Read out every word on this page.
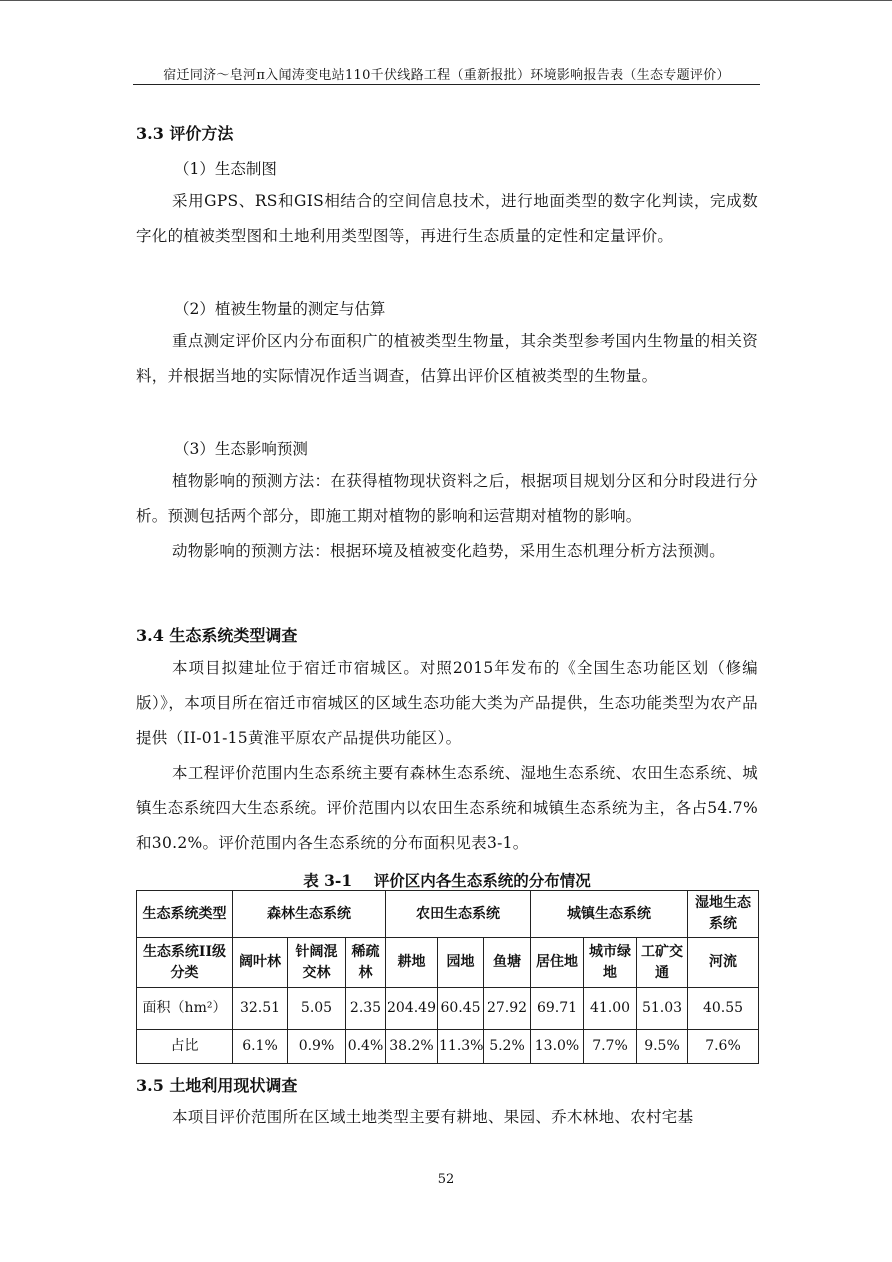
宿迁同济～皂河π入闻涛变电站110千伏线路工程（重新报批）环境影响报告表（生态专题评价）
3.3 评价方法
（1）生态制图
采用GPS、RS和GIS相结合的空间信息技术，进行地面类型的数字化判读，完成数字化的植被类型图和土地利用类型图等，再进行生态质量的定性和定量评价。
（2）植被生物量的测定与估算
重点测定评价区内分布面积广的植被类型生物量，其余类型参考国内生物量的相关资料，并根据当地的实际情况作适当调查，估算出评价区植被类型的生物量。
（3）生态影响预测
植物影响的预测方法：在获得植物现状资料之后，根据项目规划分区和分时段进行分析。预测包括两个部分，即施工期对植物的影响和运营期对植物的影响。
动物影响的预测方法：根据环境及植被变化趋势，采用生态机理分析方法预测。
3.4 生态系统类型调查
本项目拟建址位于宿迁市宿城区。对照2015年发布的《全国生态功能区划（修编版）》，本项目所在宿迁市宿城区的区域生态功能大类为产品提供，生态功能类型为农产品提供（II-01-15黄淮平原农产品提供功能区）。
本工程评价范围内生态系统主要有森林生态系统、湿地生态系统、农田生态系统、城镇生态系统四大生态系统。评价范围内以农田生态系统和城镇生态系统为主，各占54.7%和30.2%。评价范围内各生态系统的分布面积见表3-1。
表 3-1    评价区内各生态系统的分布情况
生态系统类型	森林生态系统			农田生态系统			城镇生态系统			湿地生态系统
生态系统II级分类	阔叶林	针阔混交林	稀疏林	耕地	园地	鱼塘	居住地	城市绿地	工矿交通	河流
面积（hm²）	32.51	5.05	2.35	204.49	60.45	27.92	69.71	41.00	51.03	40.55
占比	6.1%	0.9%	0.4%	38.2%	11.3%	5.2%	13.0%	7.7%	9.5%	7.6%
3.5 土地利用现状调查
本项目评价范围所在区域土地类型主要有耕地、果园、乔木林地、农村宅基
52
